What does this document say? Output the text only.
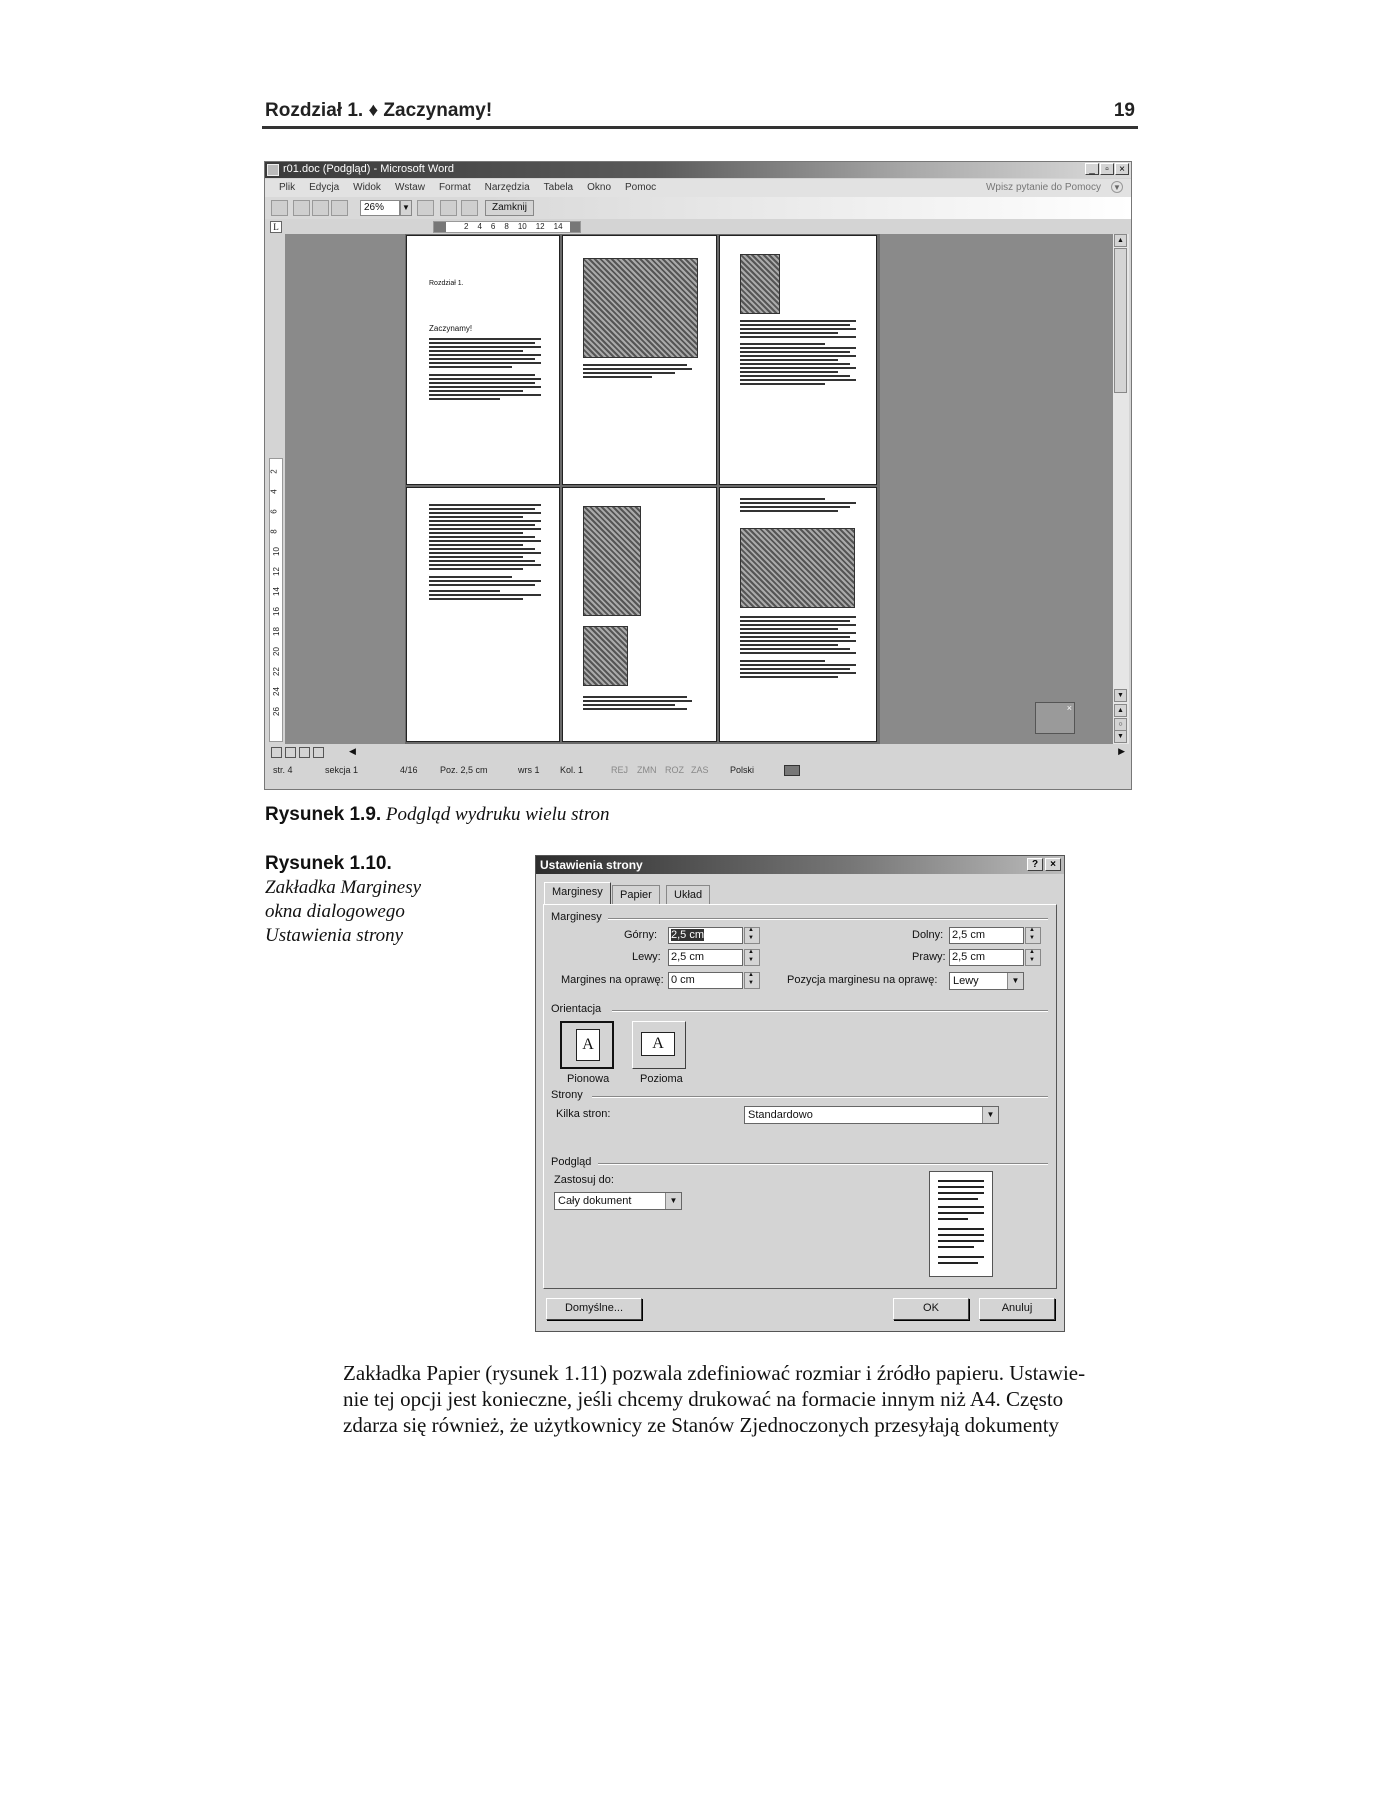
Rozdział 1. ♦ Zaczynamy!	19
r01.doc (Podgląd) - Microsoft Word	_	▫	×
Plik Edycja Widok Wstaw Format Narzędzia Tabela Okno Pomoc	Wpisz pytanie do Pomocy ▼
26%	▼	Zamknij
L	2 4 6 8 10 12 14
2
4
6
8
10
12
14
16
18
20
22
24
26
Rozdział 1.
Zaczynamy!
×
▲
▼
▲
○
▼
◀	▶
str. 4	sekcja 1	4/16 Poz. 2,5 cm	wrs 1 Kol. 1	REJ ZMN ROZ ZAS Polski
Rysunek 1.9. Podgląd wydruku wielu stron
Rysunek 1.10.
Zakładka Marginesy
okna dialogowego
Ustawienia strony
Ustawienia strony	?	×
Marginesy	Papier	Układ
Marginesy
Górny: 2,5 cm ▲ ▼	Dolny: 2,5 cm
▲ ▼
Lewy: 2,5 cm ▲ ▼	Prawy: 2,5 cm
▲ ▼
Margines na oprawę: 0 cm ▲ ▼	Pozycja marginesu na oprawę:	Lewy	▼
Orientacja
A
Pionowa
A
Pozioma
Strony
Kilka stron:	Standardowo	▼
Podgląd
Zastosuj do:
Cały dokument	▼
Domyślne...	OK	Anuluj

Zakładka Papier (rysunek 1.11) pozwala zdefiniować rozmiar i źródło papieru. Ustawie-

nie tej opcji jest konieczne, jeśli chcemy drukować na formacie innym niż A4. Często

zdarza się również, że użytkownicy ze Stanów Zjednoczonych przesyłają dokumenty
